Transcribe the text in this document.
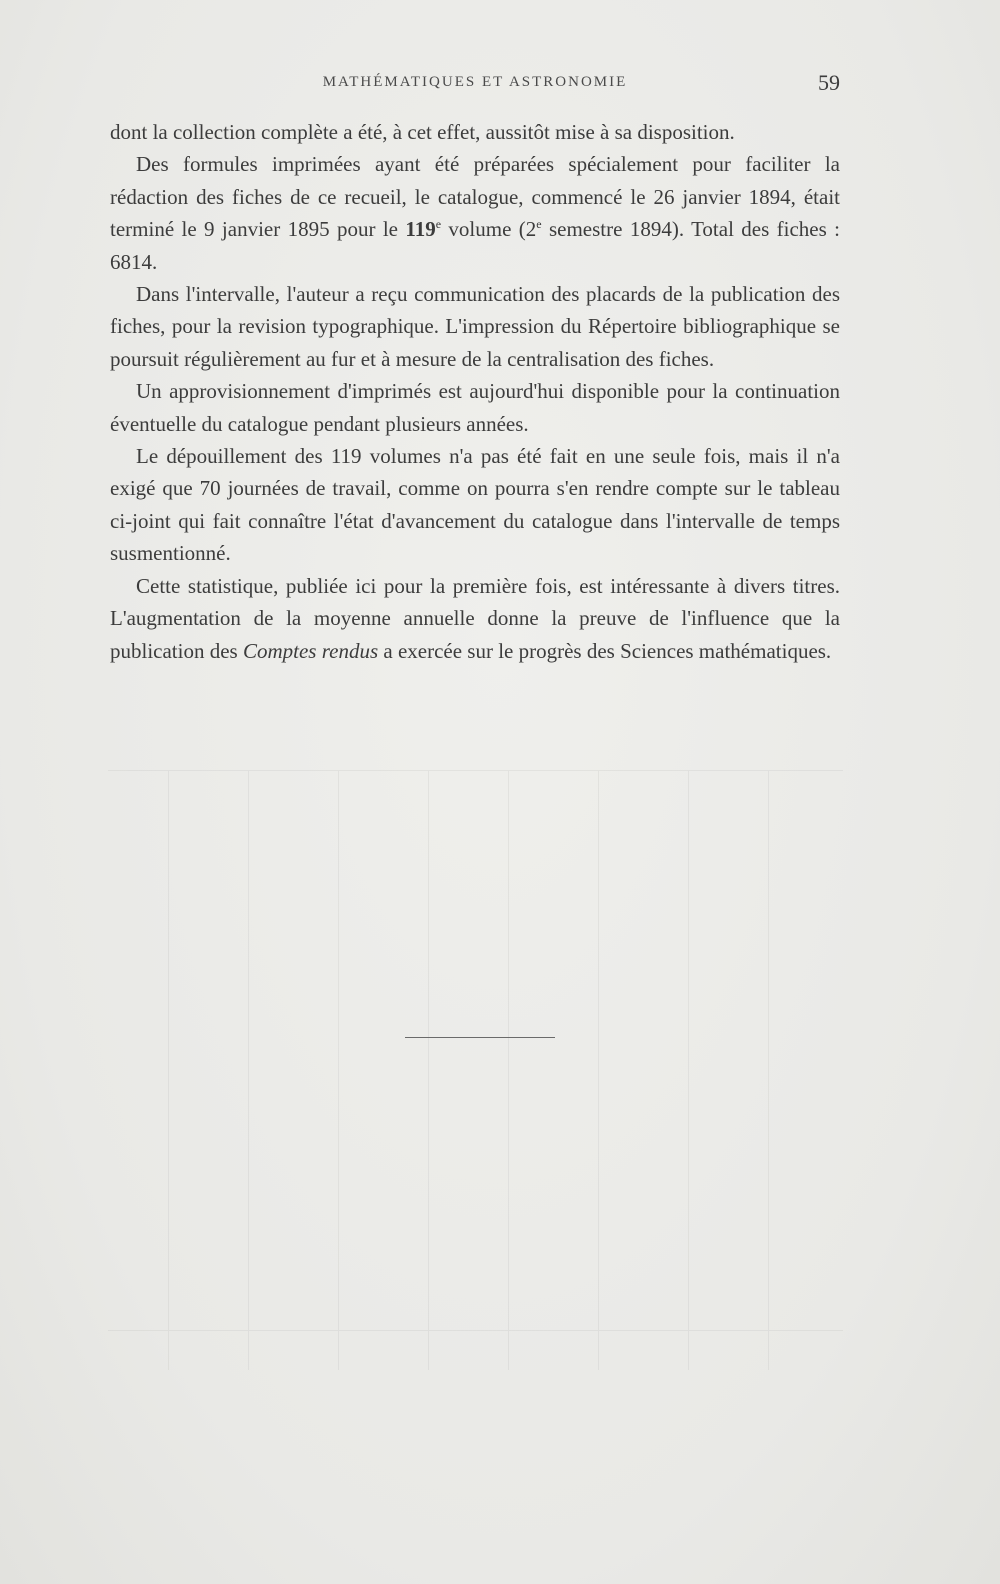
MATHÉMATIQUES ET ASTRONOMIE	59

dont la collection complète a été, à cet effet, aussitôt mise à sa disposition.

Des formules imprimées ayant été préparées spécialement pour faciliter la rédaction des fiches de ce recueil, le catalogue, commencé le 26 janvier 1894, était terminé le 9 janvier 1895 pour le 119e volume (2e semestre 1894). Total des fiches : 6814.

Dans l'intervalle, l'auteur a reçu communication des placards de la publication des fiches, pour la revision typographique. L'impression du Répertoire bibliographique se poursuit régulièrement au fur et à mesure de la centralisation des fiches.

Un approvisionnement d'imprimés est aujourd'hui disponible pour la continuation éventuelle du catalogue pendant plusieurs années.

Le dépouillement des 119 volumes n'a pas été fait en une seule fois, mais il n'a exigé que 70 journées de travail, comme on pourra s'en rendre compte sur le tableau ci-joint qui fait connaître l'état d'avancement du catalogue dans l'intervalle de temps susmentionné.

Cette statistique, publiée ici pour la première fois, est intéressante à divers titres. L'augmentation de la moyenne annuelle donne la preuve de l'influence que la publication des Comptes rendus a exercée sur le progrès des Sciences mathématiques.
